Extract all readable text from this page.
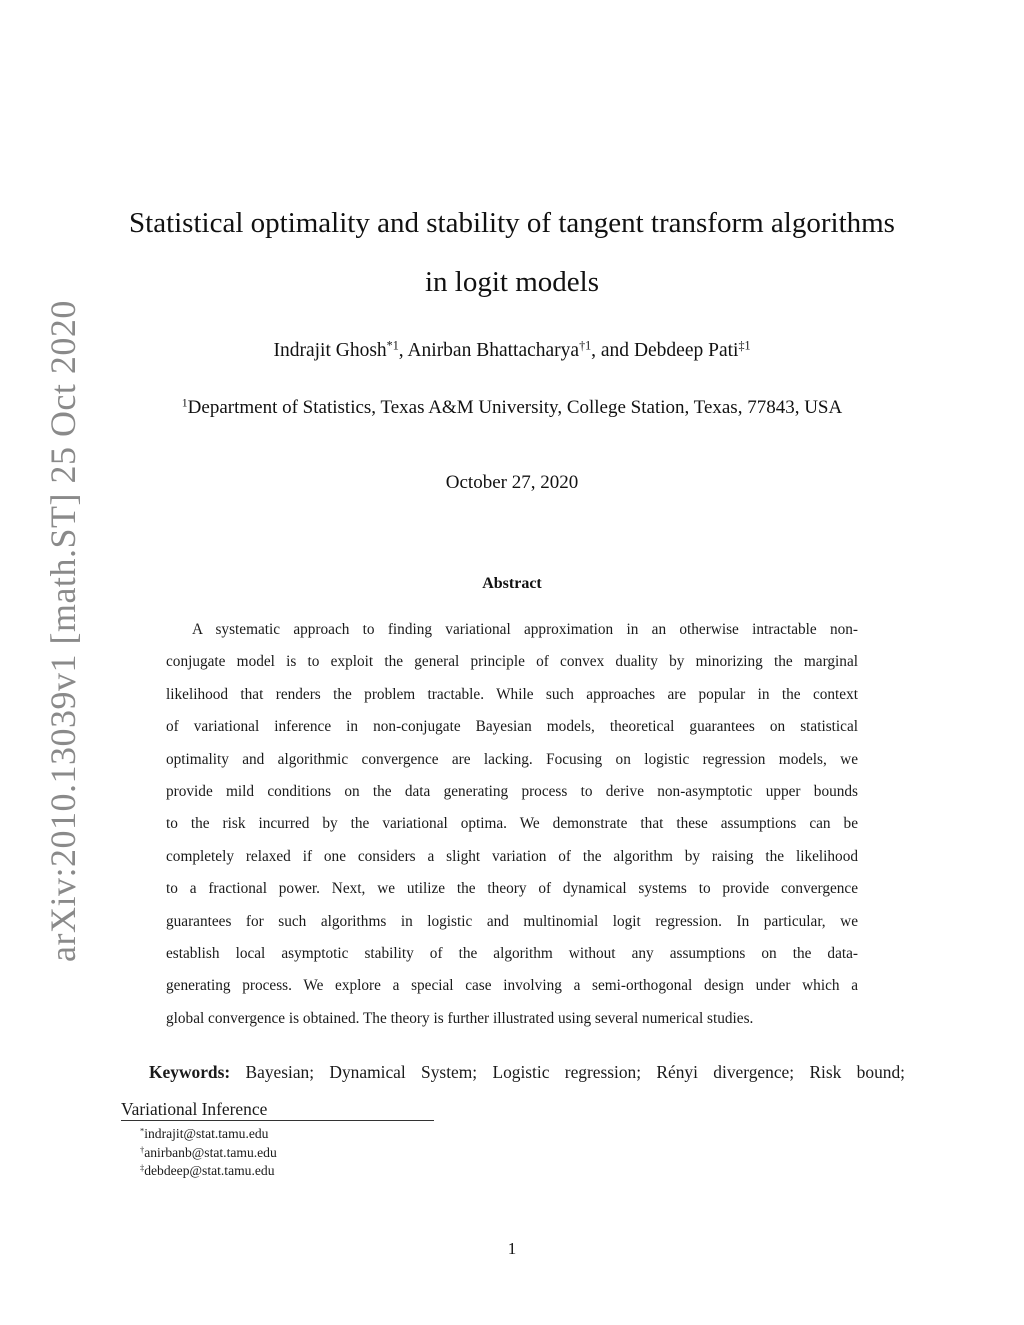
arXiv:2010.13039v1 [math.ST] 25 Oct 2020
Statistical optimality and stability of tangent transform algorithms
in logit models
Indrajit Ghosh$^{*1}$, Anirban Bhattacharya$^{\dagger 1}$, and Debdeep Pati$^{\ddagger 1}$
$^1$Department of Statistics, Texas A&M University, College Station, Texas, 77843, USA
October 27, 2020
Abstract
A systematic approach to finding variational approximation in an otherwise intractable non-
conjugate model is to exploit the general principle of convex duality by minorizing the marginal
likelihood that renders the problem tractable. While such approaches are popular in the context
of variational inference in non-conjugate Bayesian models, theoretical guarantees on statistical
optimality and algorithmic convergence are lacking. Focusing on logistic regression models, we
provide mild conditions on the data generating process to derive non-asymptotic upper bounds
to the risk incurred by the variational optima. We demonstrate that these assumptions can be
completely relaxed if one considers a slight variation of the algorithm by raising the likelihood
to a fractional power. Next, we utilize the theory of dynamical systems to provide convergence
guarantees for such algorithms in logistic and multinomial logit regression. In particular, we
establish local asymptotic stability of the algorithm without any assumptions on the data-
generating process. We explore a special case involving a semi-orthogonal design under which a
global convergence is obtained. The theory is further illustrated using several numerical studies.
Keywords: Bayesian; Dynamical System; Logistic regression; Rényi divergence; Risk bound;
Variational Inference
*indrajit@stat.tamu.edu
†anirbanb@stat.tamu.edu
‡debdeep@stat.tamu.edu
1
